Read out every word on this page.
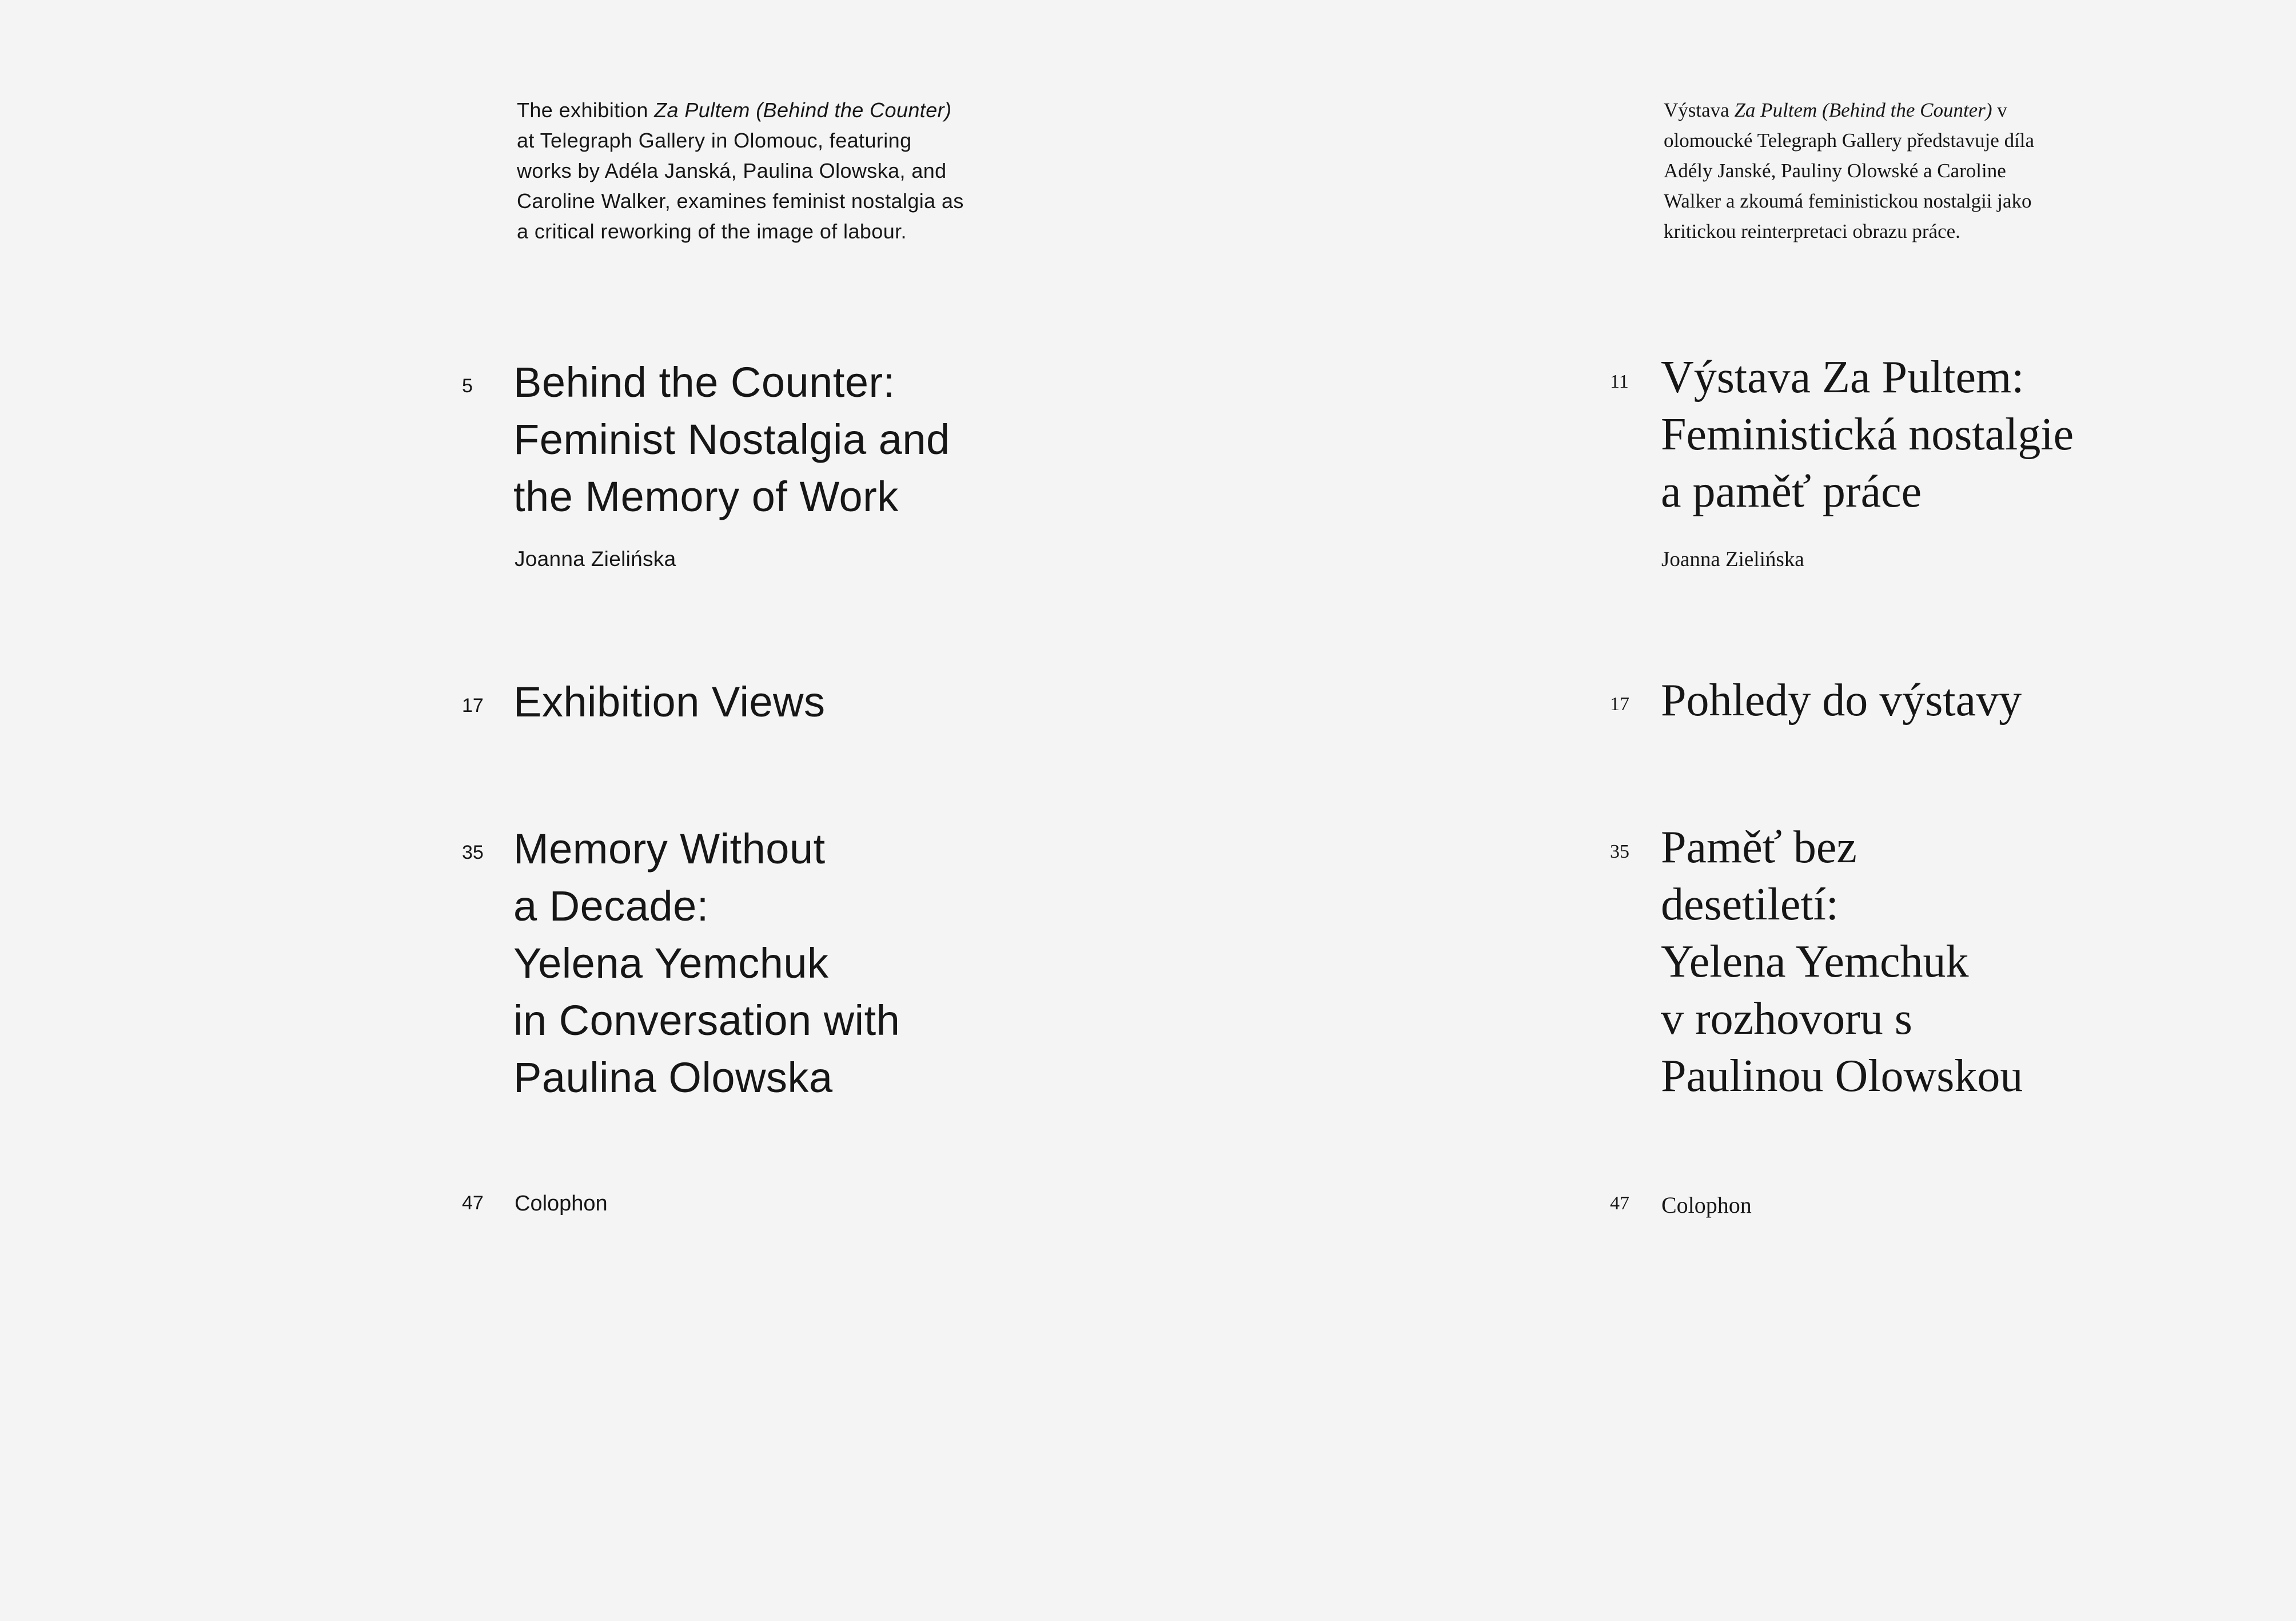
The exhibition Za Pultem (Behind the Counter)
at Telegraph Gallery in Olomouc, featuring
works by Adéla Janská, Paulina Olowska, and
Caroline Walker, examines feminist nostalgia as
a critical reworking of the image of labour.
5 Behind the Counter:
Feminist Nostalgia and
the Memory of Work
Joanna Zielińska
17 Exhibition Views
35 Memory Without
a Decade:
Yelena Yemchuk
in Conversation with
Paulina Olowska
47 Colophon
Výstava Za Pultem (Behind the Counter) v
olomoucké Telegraph Gallery představuje díla
Adély Janské, Pauliny Olowské a Caroline
Walker a zkoumá feministickou nostalgii jako
kritickou reinterpretaci obrazu práce.
11 Výstava Za Pultem:
Feministická nostalgie
a paměť práce
Joanna Zielińska
17 Pohledy do výstavy
35 Paměť bez
desetiletí:
Yelena Yemchuk
v rozhovoru s
Paulinou Olowskou
47 Colophon
